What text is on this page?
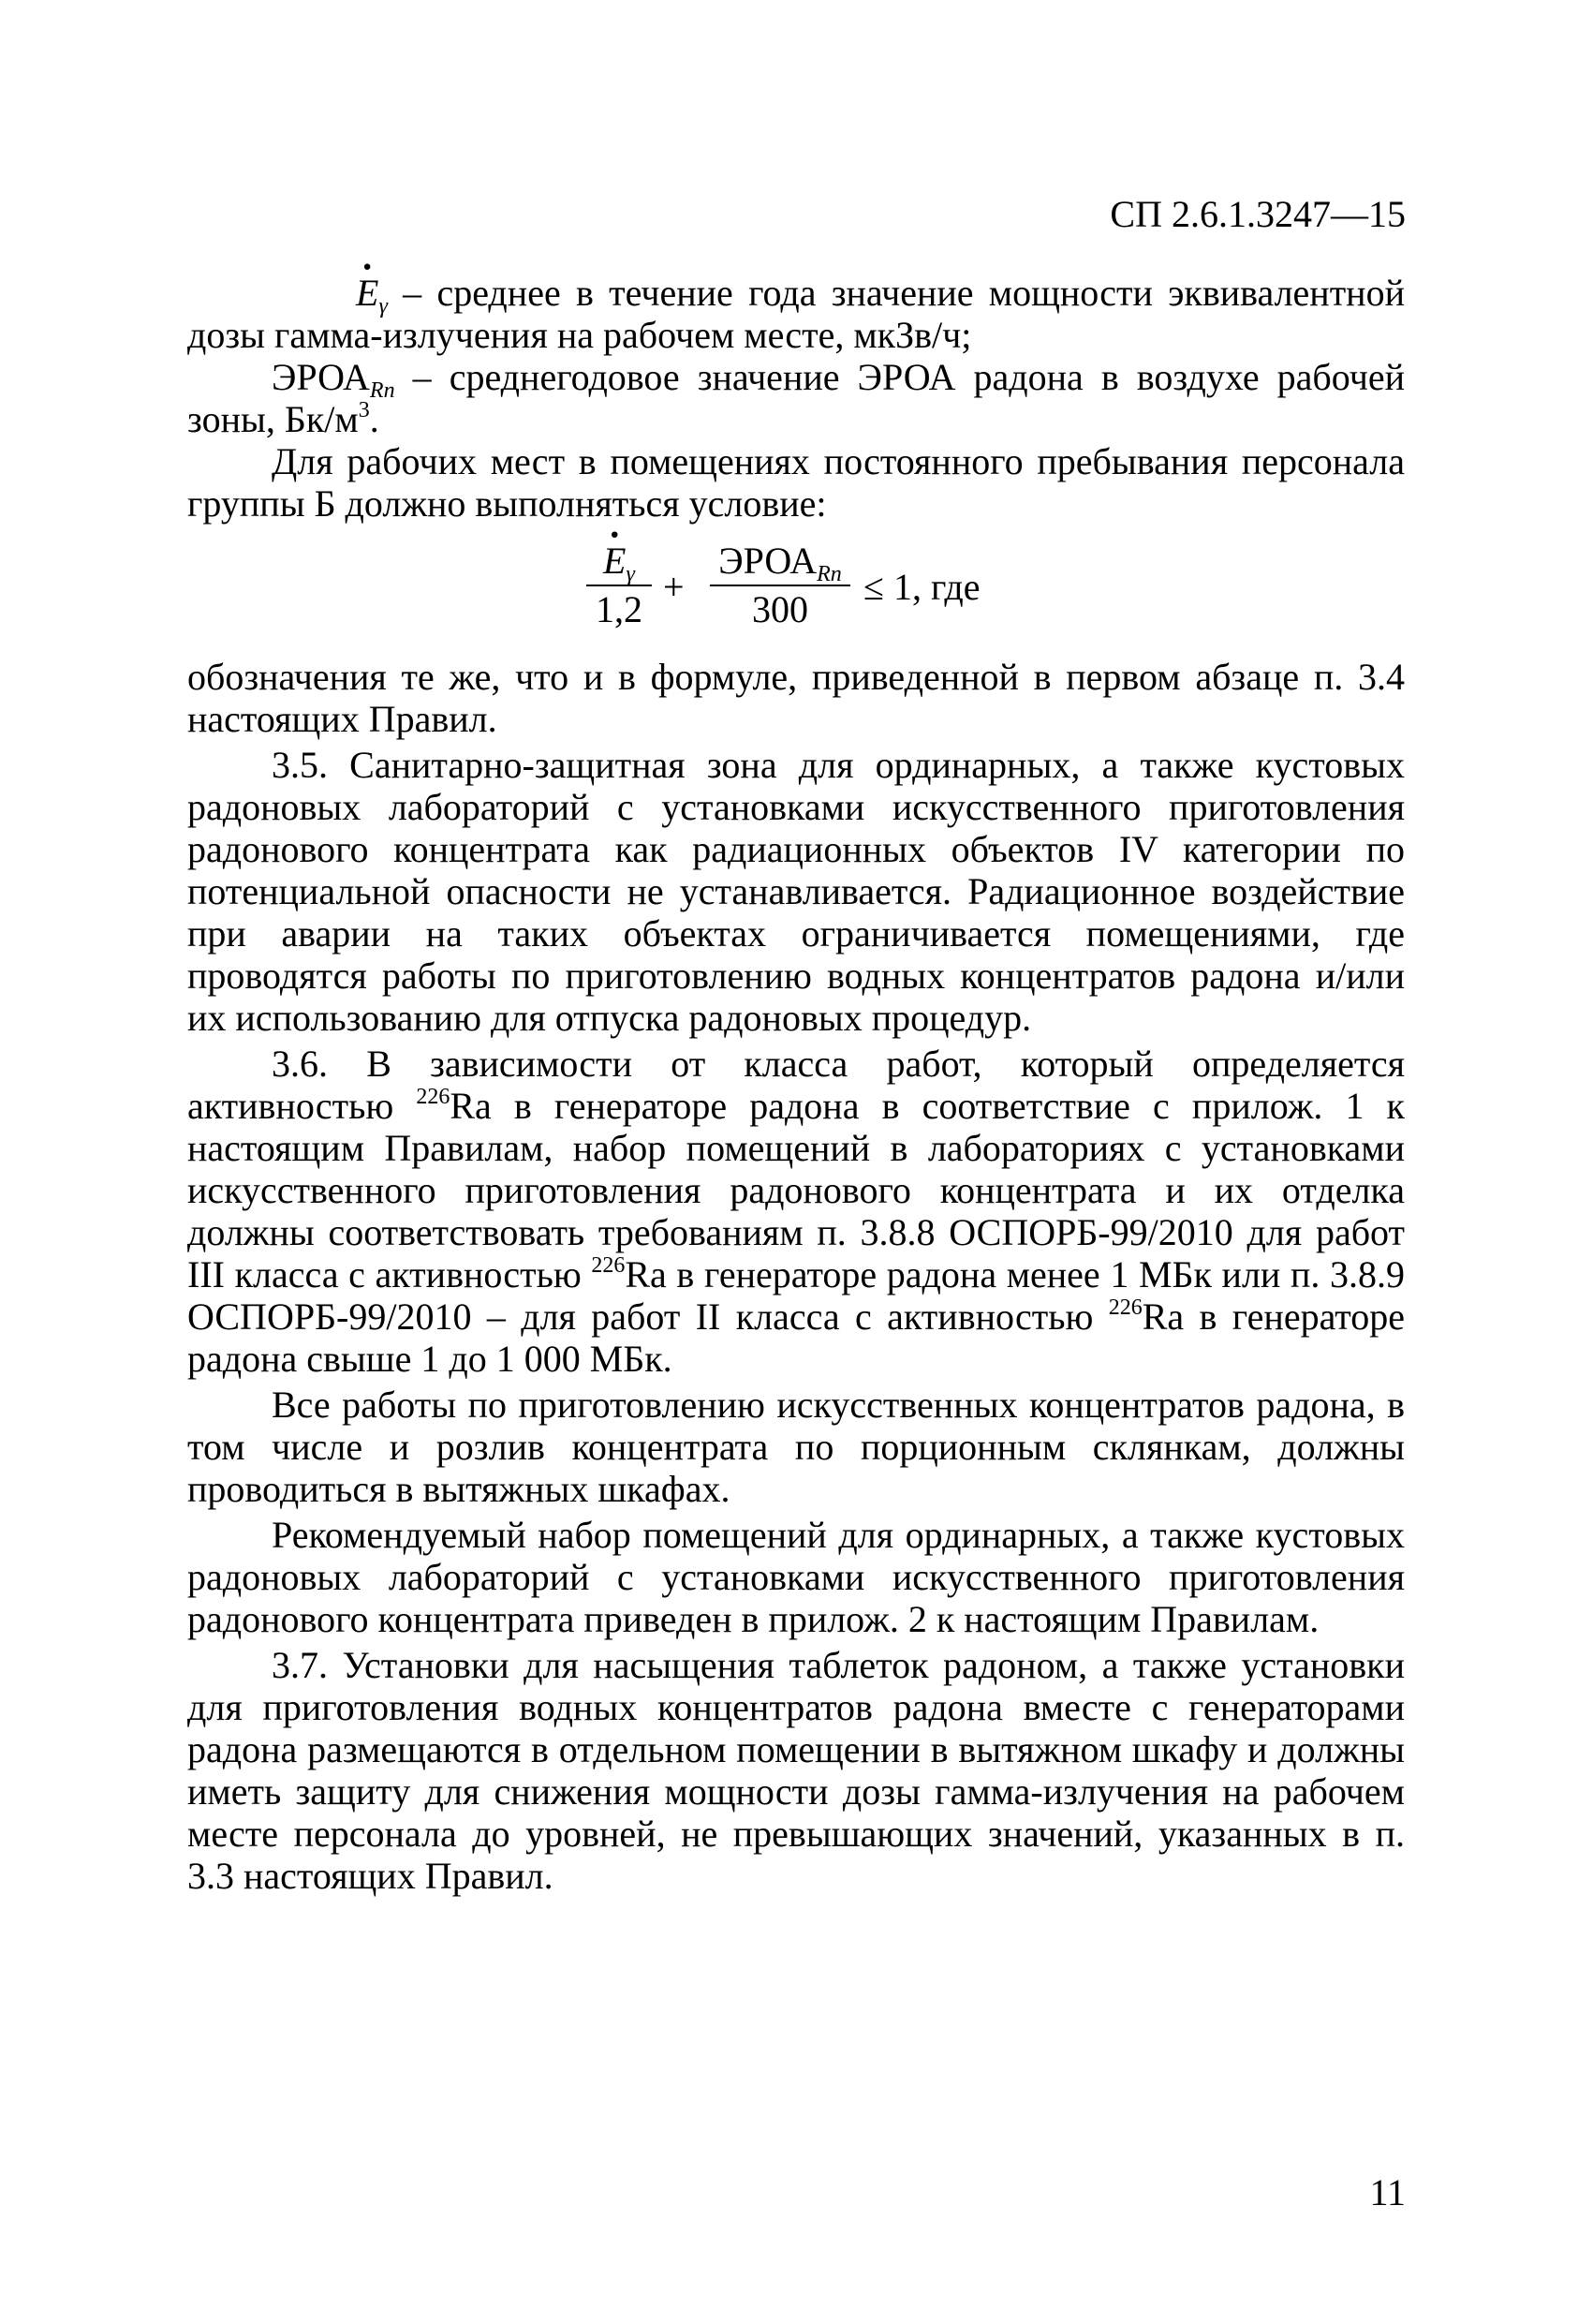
СП 2.6.1.3247—15

· $E_\gamma$ – среднее в течение года значение мощности эквивалентной дозы гамма-излучения на рабочем месте, мкЗв/ч;

$ЭРОА_{Rn}$ – среднегодовое значение ЭРОА радона в воздухе рабочей зоны, $Бк/м^3$.

Для рабочих мест в помещениях постоянного пребывания персонала группы Б должно выполняться условие:

· $E_\gamma$
1,2
+
$ЭРОА_{Rn}$
300
≤ 1, где

обозначения те же, что и в формуле, приведенной в первом абзаце п. 3.4 настоящих Правил.

3.5. Санитарно-защитная зона для ординарных, а также кустовых радоновых лабораторий с установками искусственного приготовления радонового концентрата как радиационных объектов IV категории по потенциальной опасности не устанавливается. Радиационное воздействие при аварии на таких объектах ограничивается помещениями, где проводятся работы по приготовлению водных концентратов радона и/или их использованию для отпуска радоновых процедур.

3.6. В зависимости от класса работ, который определяется активностью $^{226}$Ra в генераторе радона в соответствие с прилож. 1 к настоящим Правилам, набор помещений в лабораториях с установками искусственного приготовления радонового концентрата и их отделка должны соответствовать требованиям п. 3.8.8 ОСПОРБ-99/2010 для работ III класса с активностью $^{226}$Ra в генераторе радона менее 1 МБк или п. 3.8.9 ОСПОРБ-99/2010 – для работ II класса с активностью $^{226}$Ra в генераторе радона свыше 1 до 1 000 МБк.

Все работы по приготовлению искусственных концентратов радона, в том числе и розлив концентрата по порционным склянкам, должны проводиться в вытяжных шкафах.

Рекомендуемый набор помещений для ординарных, а также кустовых радоновых лабораторий с установками искусственного приготовления радонового концентрата приведен в прилож. 2 к настоящим Правилам.

3.7. Установки для насыщения таблеток радоном, а также установки для приготовления водных концентратов радона вместе с генераторами радона размещаются в отдельном помещении в вытяжном шкафу и должны иметь защиту для снижения мощности дозы гамма-излучения на рабочем месте персонала до уровней, не превышающих значений, указанных в п. 3.3 настоящих Правил.

11
